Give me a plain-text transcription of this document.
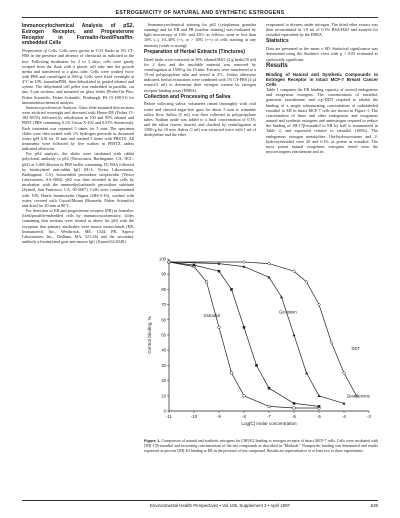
ESTROGENICITY OF NATURAL AND SYNTHETIC ESTROGENS
Immunocytochemical Analysis of pS2, Estrogen Receptor, and Progesterone Receptor in Formalin-fixed/Paraffin-embedded Cells

Preparation of Cells. Cells were grown in T-25 flasks in 5% CT-FBS in the presence and absence of chemicals as indicated in the text. Following incubation for 2 to 3 days, cells were gently scraped from the flask with a plastic cell rake into the growth media and transferred to a glass tube. Cells were washed twice with PBS and centrifuged at 500×g. Cells were fixed overnight at 4°C in 10% formalin/PBS, then dehydrated in graded ethanol and xylene. The dehydrated cell pellet was embedded in paraffin, cut into 5-μm sections, and mounted on glass slides (Probe-On Plus, Fisher Scientific, Fisher Scientific, Pittsburgh, PA 15-188-51) for immunohistochemical analysis.

Immunocytochemical Analysis. Glass slide mounted thin sections were air-dried overnight and dewaxed with Hemo-DE (Fisher 15-182-507A) followed by rehydration in 100 and 95% ethanol and PBST (PBS containing 0.1% Triton X-102 and 0.01% thimerosal). Each treatment was repeated 5 times for 5 min. The specimen slides were then treated with 1% hydrogen peroxide in deionized water (pH 6.0) for 15 min and washed 5 times with PBSTX. All treatments were followed by five washes in PBSTX unless indicated otherwise.

For pS2 analysis, the slides were incubated with rabbit polyclonal antibody to pS2 (Novocastra, Burlingame, CA, NCL-pS2) at 1/400 dilution in PBS buffer containing 1% BSA followed by biotinylated anti-rabbit IgG (H+L, Vector Laboratories, Burlingame, CA), horseradish peroxidase streptavidin (Vector Laboratories, SA-5004). pS2 was then revealed in the cells by incubation with the aminoethylcarbazole peroxidase substrate (Zymed, San Francisco, CA, 00-2007). Cells were counterstained with 10% Harris hematoxylin (Sigma GHS-3-16), washed with water, covered with Crystal/Mount (Biomeda, Fisher Scientific) and dried for 20 min at 80°C.

For detection of ER and progesterone receptor (PR) in formalin-fixed/paraffin-embedded cells by immunocytochemistry, slides containing thin sections were treated as above for pS2 with the exception that primary antibodies were mouse monoclonals (ER, Immunotech, Inc., Westbrook, ME, 1544; PR, Sapeco Laboratories, Inc., Dedham, MA, 521-26) and the secondary antibody a biotinylated goat anti-mouse IgG (Zymed 62-6540).

Immunocytochemical staining for pS2 (cytoplasmic granular staining) and for ER and PR (nuclear staining) was evaluated by light microscopy at 100× and 250× as follows: none or less than 10% (–), 10–40% (+), or > 40% (++) of cells staining at any intensity (weak to strong).

Preparation of Herbal Extracts (Tinctures)

Dried herbs were extracted in 50% ethanol/H2O (2 g herbs/10 ml) for 2 days and the insoluble material was removed by centrifugation at 1500×g for 10 min. Extracts were transferred to a 15-ml polypropylene tube and stored at 4°C. Unless otherwise indicated, herbal extractions were combined with 1% CT-FBS (4 μl extract/2 ml) to determine their estrogen content by estrogen receptor binding assay (ERBA).

Collection and Processing of Saliva

Before collecting saliva, volunteers rinsed thoroughly with cool water and chewed sugar-free gum for about 5 min to stimulate saliva flow. Saliva (5 ml) was then collected in polypropylene tubes. Sodium azide was added to a final concentration of 0.1% and the saliva frozen, thawed, and clarified by centrifugation at 1500×g for 10 min. Saliva (1 ml) was extracted twice with 1 ml of diethylether and the ether

evaporated to dryness under nitrogen. The dried ether extract was then reconstituted in 1.0 ml of 0.1% BSA/H2O and assayed for estradiol equivalent by the ERBA.

Statistics

Data are presented as the mean ± SD. Statistical significance was determined using the Student's t-test with p < 0.05 evaluated as statistically significant.

Results
Binding of Natural and Synthetic Compounds to Estrogen Receptor in Intact MCF-7 Breast Cancer Cells

Table 1 compares the ER binding capacity of several endogenous and exogenous estrogens. The concentrations of estradiol, genistein, zearalenone, and o,p'-DDT required to inhibit the binding of a single subsaturating concentration of radiolabeled estradiol to ER in intact MCF-7 cells are shown in Figure 1. The concentration of these and other endogenous and exogenous natural and synthetic estrogens and antiestrogen required to reduce the binding of 3H-17β-estradiol to ER by half is summarized in Table 2, and expressed relative to estradiol (100%). The endogenous estrogen metabolites 16α-hydroxyestrone and 2-hydroxyestradiol were 20 and 0.1% as potent as estradiol. The most potent natural exogenous estrogens tested were the mycoestrogens zearalenone and its

0
10
20
30
40
50
60
70
80
90
100
-11	-10	-9	-8	-7	-6	-5	-4	-3
Control binding, %
Log[C] molar concentration
Estradiol
Zearalenone
Genistein
DDT
Figure 1. Comparison of natural and synthetic estrogens for [3H]-E2 binding to estrogen receptor of intact MCF-7 cells. Cells were incubated with [3H]-17β-estradiol and increasing concentrations of the test compounds as described in "Methods." Nonspecific binding was determined and results expressed as percent [3H]-E2 binding to ER in the presence of test compound. Results are representative of at least two or three experiments.
Environmental Health Perspectives • Vol 105, Supplement 3 • April 1997	639
